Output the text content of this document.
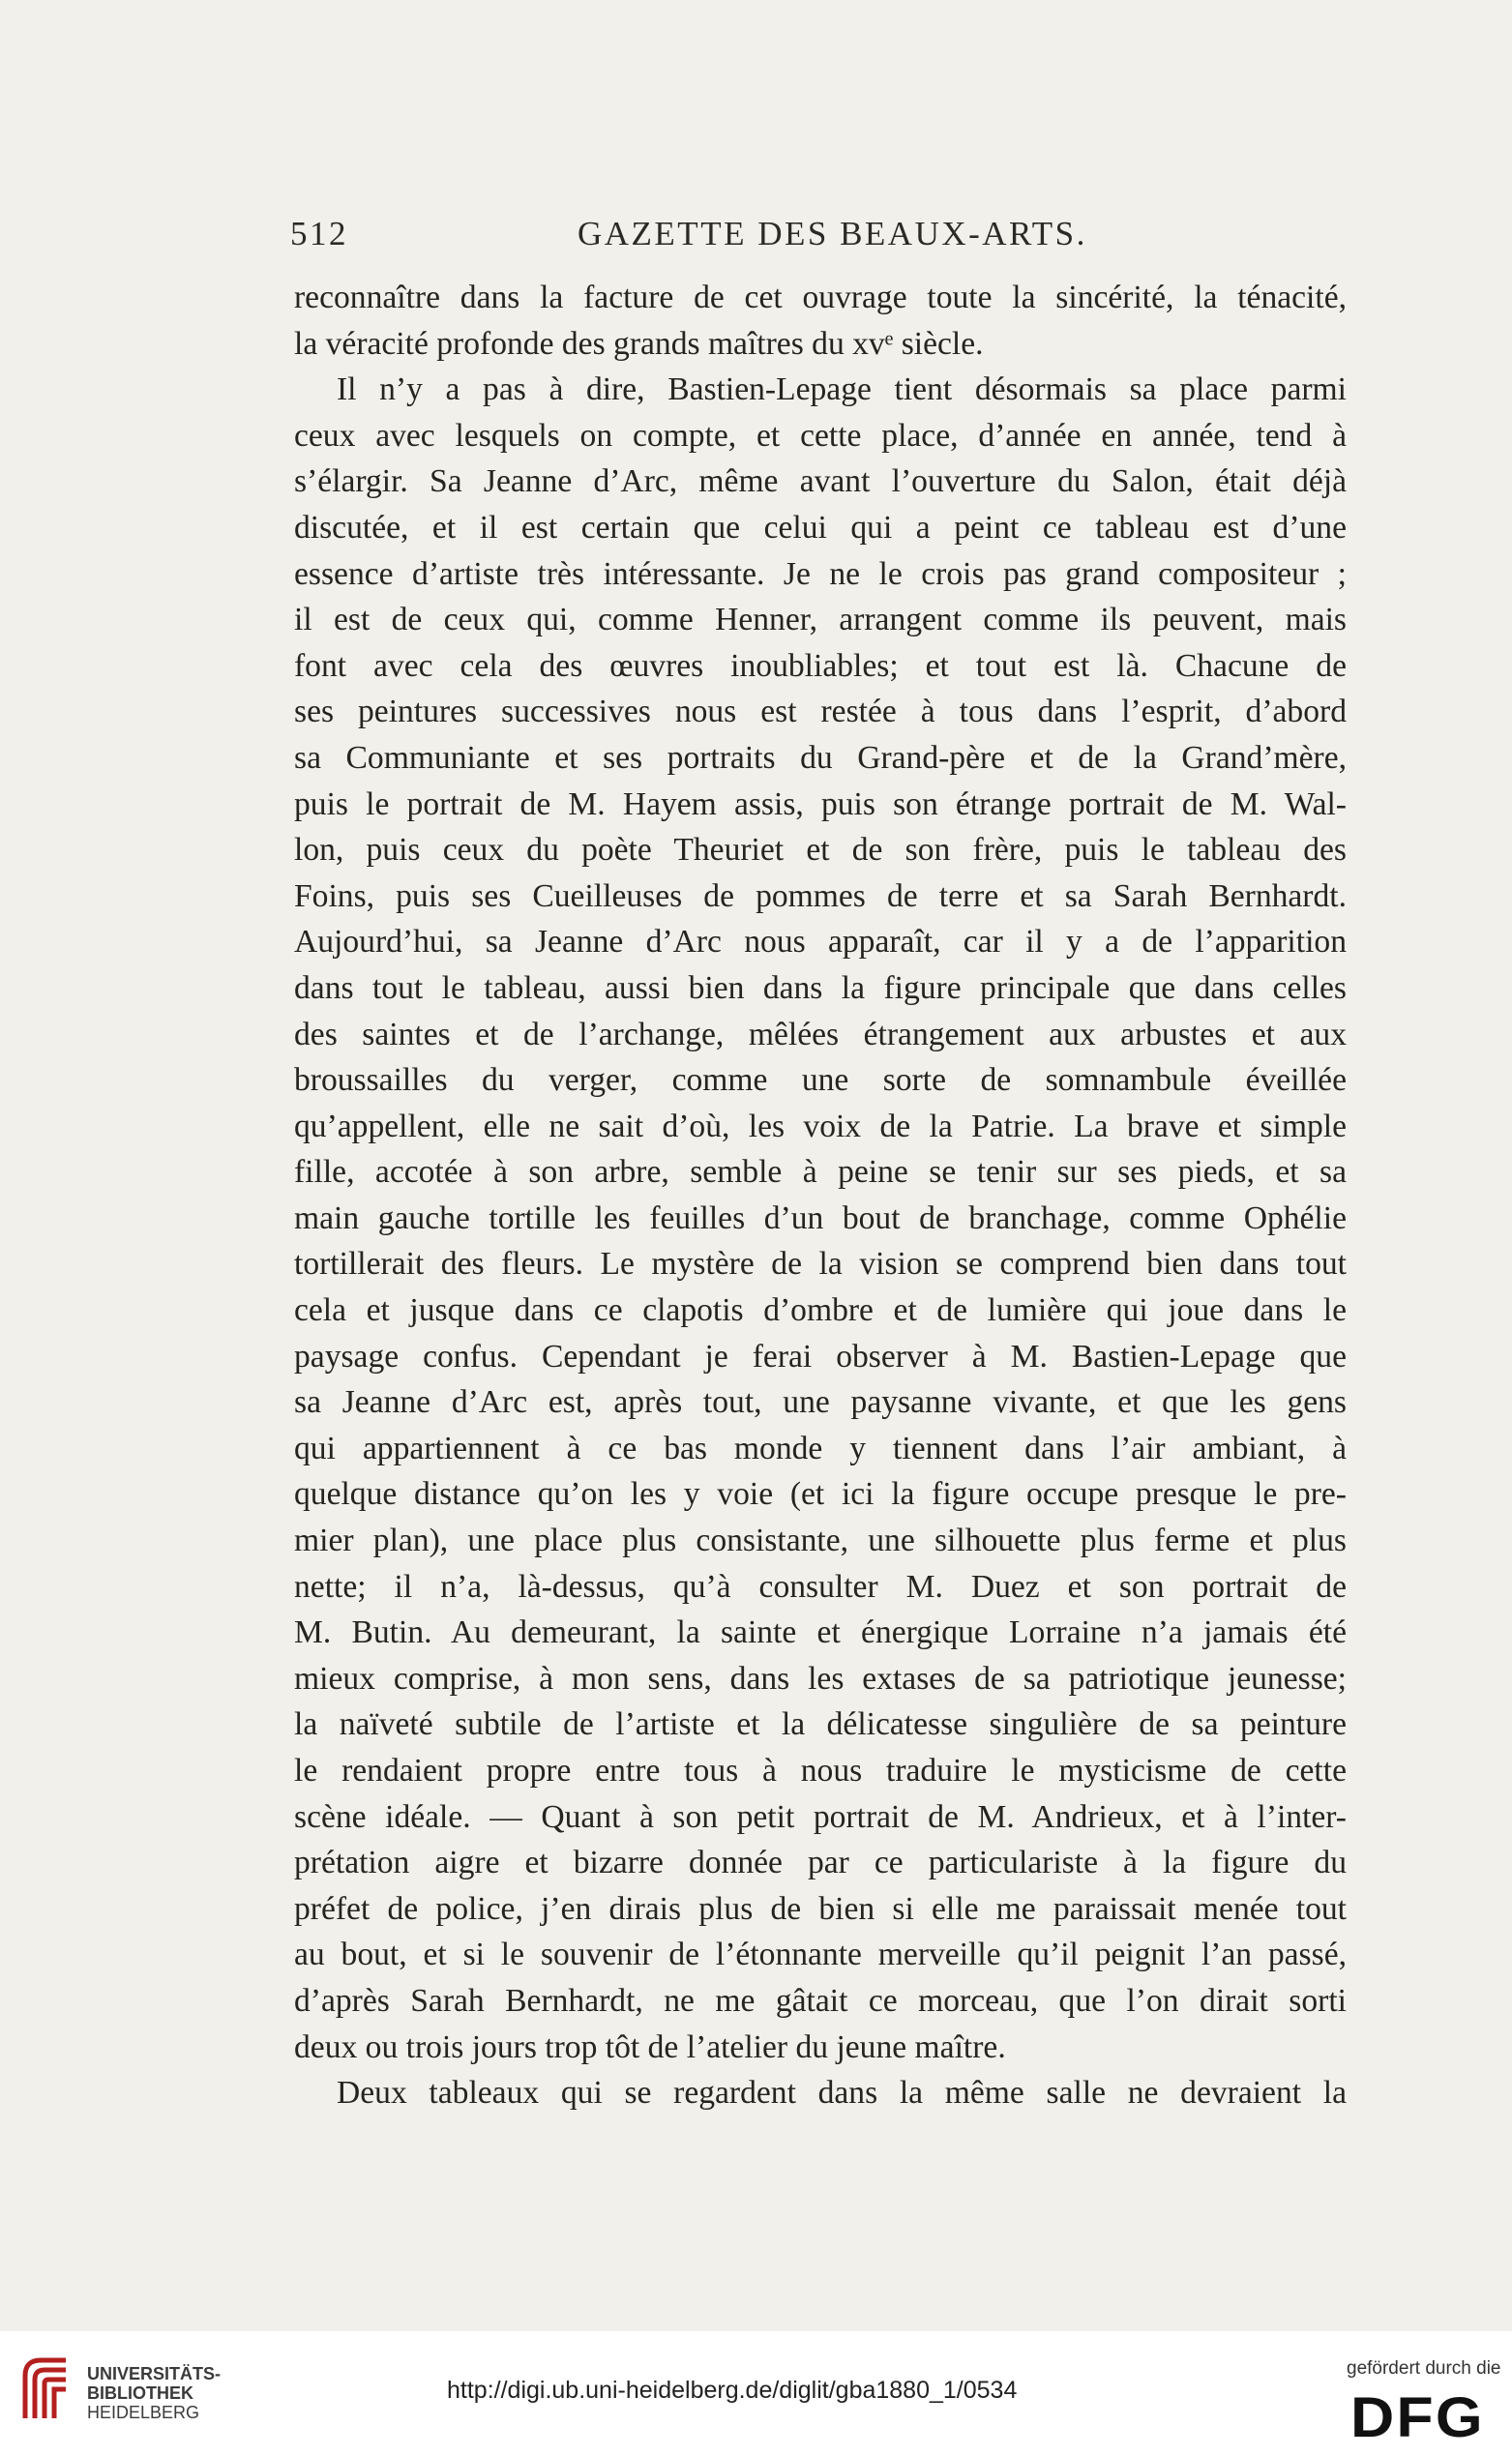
512	GAZETTE DES BEAUX-ARTS.
reconnaître dans la facture de cet ouvrage toute la sincérité, la ténacité,
la véracité profonde des grands maîtres du xvᵉ siècle.
Il n’y a pas à dire, Bastien-Lepage tient désormais sa place parmi
ceux avec lesquels on compte, et cette place, d’année en année, tend à
s’élargir. Sa Jeanne d’Arc, même avant l’ouverture du Salon, était déjà
discutée, et il est certain que celui qui a peint ce tableau est d’une
essence d’artiste très intéressante. Je ne le crois pas grand compositeur ;
il est de ceux qui, comme Henner, arrangent comme ils peuvent, mais
font avec cela des œuvres inoubliables; et tout est là. Chacune de
ses peintures successives nous est restée à tous dans l’esprit, d’abord
sa Communiante et ses portraits du Grand-père et de la Grand’mère,
puis le portrait de M. Hayem assis, puis son étrange portrait de M. Wal-
lon, puis ceux du poète Theuriet et de son frère, puis le tableau des
Foins, puis ses Cueilleuses de pommes de terre et sa Sarah Bernhardt.
Aujourd’hui, sa Jeanne d’Arc nous apparaît, car il y a de l’apparition
dans tout le tableau, aussi bien dans la figure principale que dans celles
des saintes et de l’archange, mêlées étrangement aux arbustes et aux
broussailles du verger, comme une sorte de somnambule éveillée
qu’appellent, elle ne sait d’où, les voix de la Patrie. La brave et simple
fille, accotée à son arbre, semble à peine se tenir sur ses pieds, et sa
main gauche tortille les feuilles d’un bout de branchage, comme Ophélie
tortillerait des fleurs. Le mystère de la vision se comprend bien dans tout
cela et jusque dans ce clapotis d’ombre et de lumière qui joue dans le
paysage confus. Cependant je ferai observer à M. Bastien-Lepage que
sa Jeanne d’Arc est, après tout, une paysanne vivante, et que les gens
qui appartiennent à ce bas monde y tiennent dans l’air ambiant, à
quelque distance qu’on les y voie (et ici la figure occupe presque le pre-
mier plan), une place plus consistante, une silhouette plus ferme et plus
nette; il n’a, là-dessus, qu’à consulter M. Duez et son portrait de
M. Butin. Au demeurant, la sainte et énergique Lorraine n’a jamais été
mieux comprise, à mon sens, dans les extases de sa patriotique jeunesse;
la naïveté subtile de l’artiste et la délicatesse singulière de sa peinture
le rendaient propre entre tous à nous traduire le mysticisme de cette
scène idéale. — Quant à son petit portrait de M. Andrieux, et à l’inter-
prétation aigre et bizarre donnée par ce particulariste à la figure du
préfet de police, j’en dirais plus de bien si elle me paraissait menée tout
au bout, et si le souvenir de l’étonnante merveille qu’il peignit l’an passé,
d’après Sarah Bernhardt, ne me gâtait ce morceau, que l’on dirait sorti
deux ou trois jours trop tôt de l’atelier du jeune maître.
Deux tableaux qui se regardent dans la même salle ne devraient la
UNIVERSITÄTS-
BIBLIOTHEK
HEIDELBERG
http://digi.ub.uni-heidelberg.de/diglit/gba1880_1/0534
gefördert durch die
DFG
